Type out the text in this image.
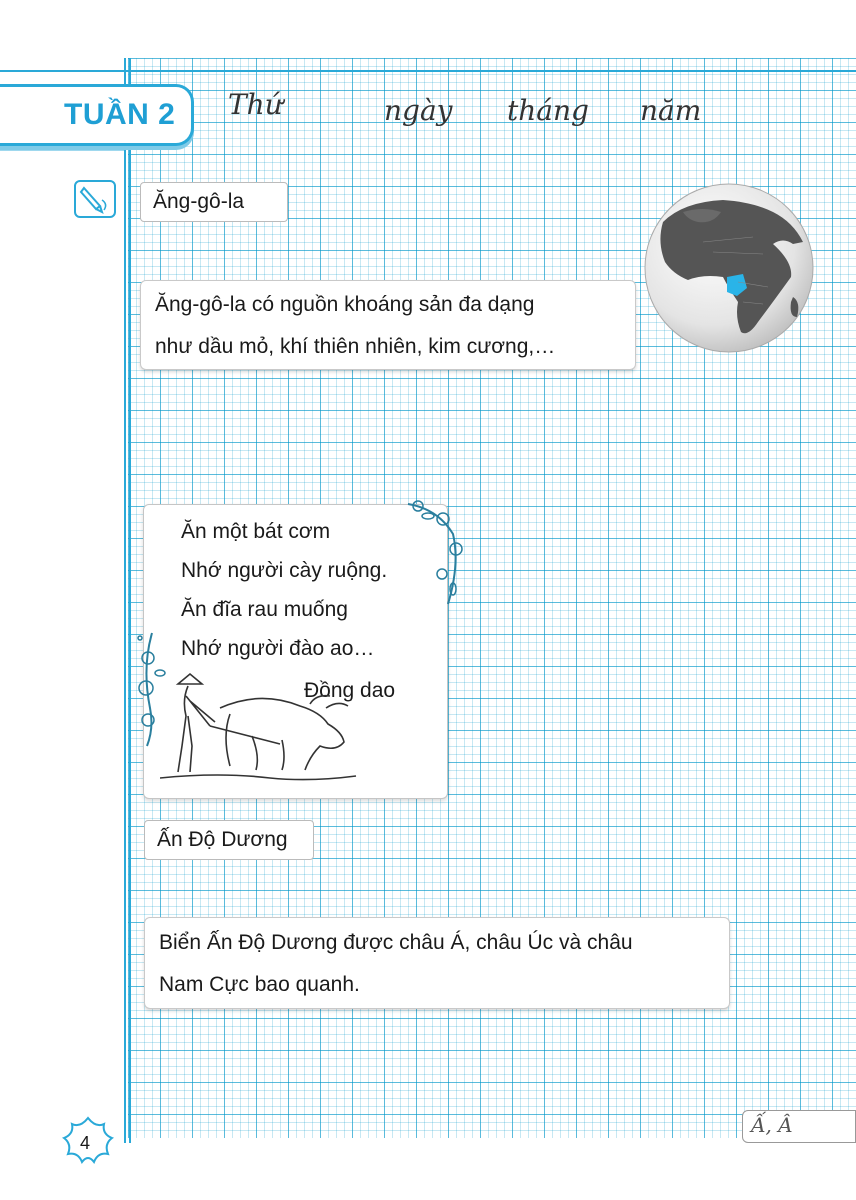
TUẦN 2 Thứ	ngày tháng năm
Ăng-gô-la
Ăng-gô-la có nguồn khoáng sản đa dạng
như dầu mỏ, khí thiên nhiên, kim cương,…
Ăn một bát cơm
Nhớ người cày ruộng.
Ăn đĩa rau muống
Nhớ người đào ao…
Đồng dao
Ấn Độ Dương
Biển Ấn Độ Dương được châu Á, châu Úc và châu
Nam Cực bao quanh.
4
Ấ, Â
